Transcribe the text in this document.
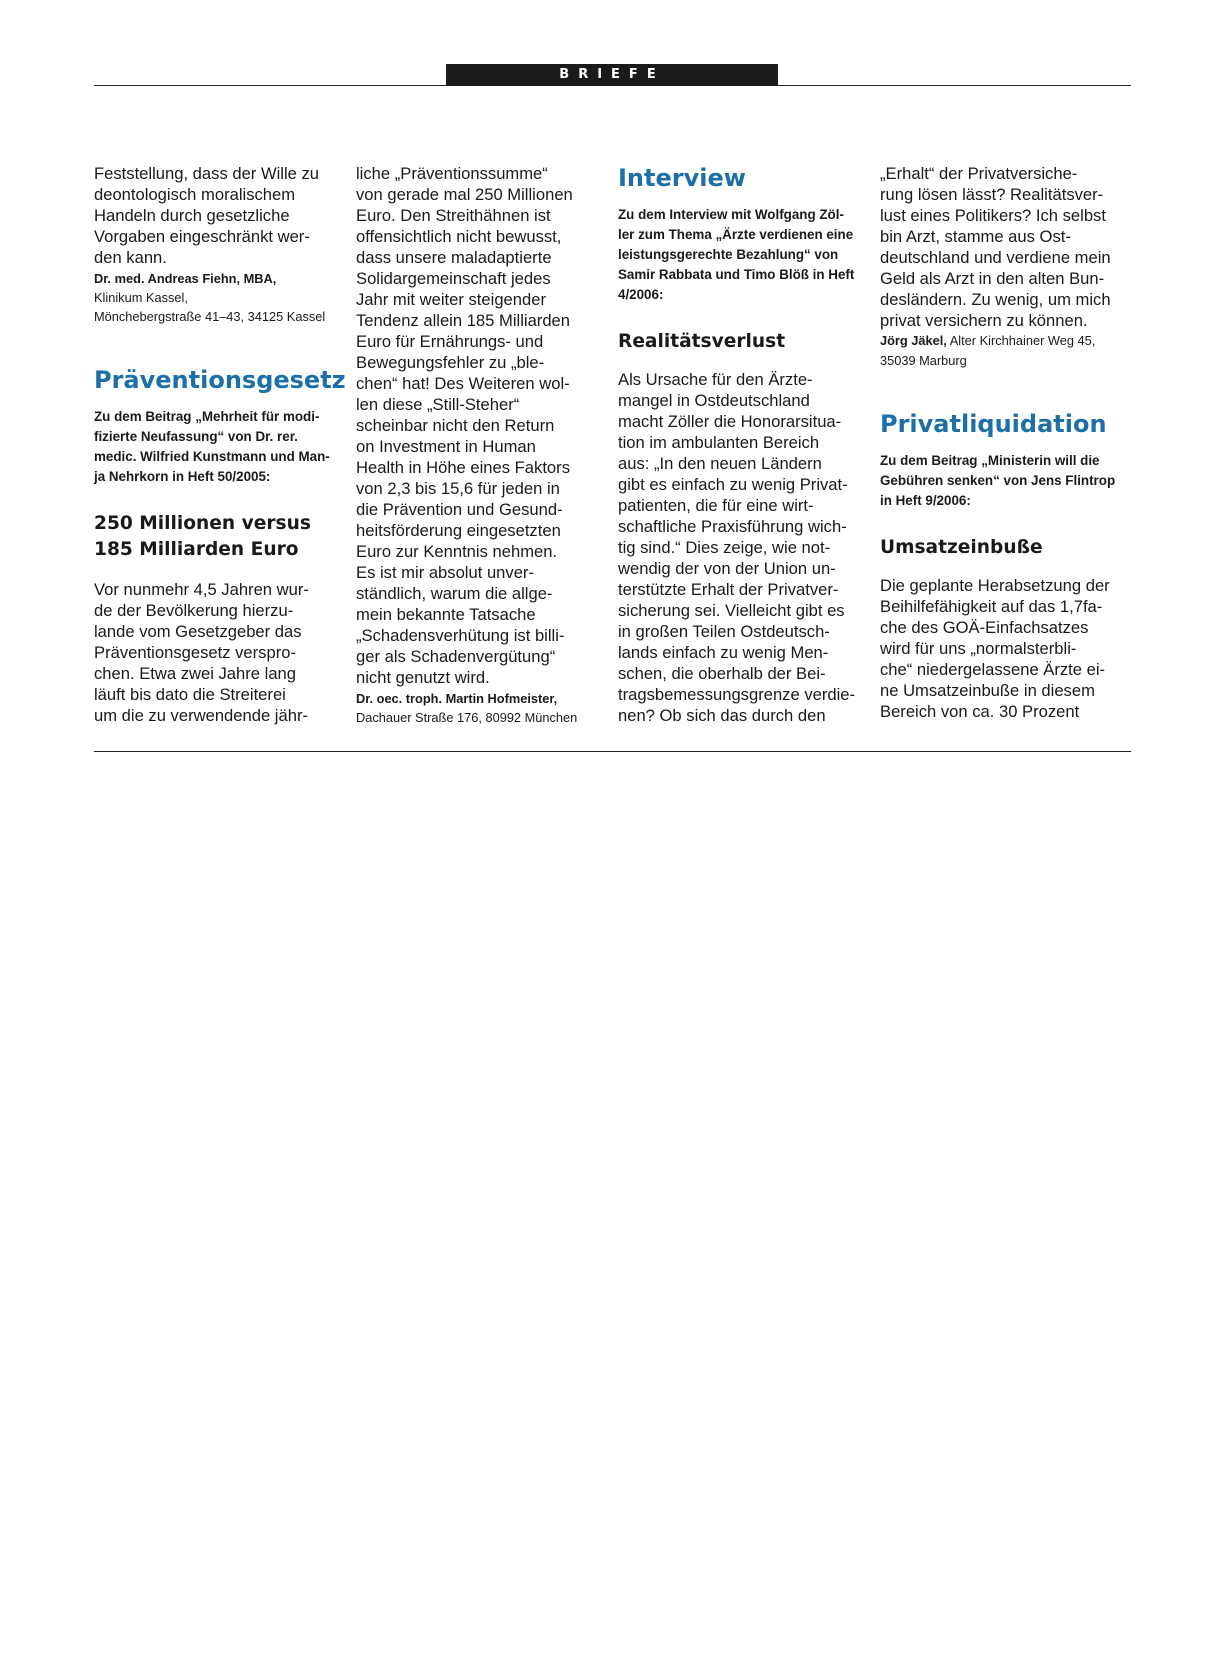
BRIEFE

Feststellung, dass der Wille zu
deontologisch moralischem
Handeln durch gesetzliche
Vorgaben eingeschränkt wer-
den kann.

Dr. med. Andreas Fiehn, MBA,

Klinikum Kassel,
Mönchebergstraße 41–43, 34125 Kassel

Präventionsgesetz

Zu dem Beitrag „Mehrheit für modi-
fizierte Neufassung“ von Dr. rer.
medic. Wilfried Kunstmann und Man-
ja Nehrkorn in Heft 50/2005:

250 Millionen versus
185 Milliarden Euro

Vor nunmehr 4,5 Jahren wur-
de der Bevölkerung hierzu-
lande vom Gesetzgeber das
Präventionsgesetz verspro-
chen. Etwa zwei Jahre lang
läuft bis dato die Streiterei
um die zu verwendende jähr-

liche „Präventionssumme“
von gerade mal 250 Millionen
Euro. Den Streithähnen ist
offensichtlich nicht bewusst,
dass unsere maladaptierte
Solidargemeinschaft jedes
Jahr mit weiter steigender
Tendenz allein 185 Milliarden
Euro für Ernährungs- und
Bewegungsfehler zu „ble-
chen“ hat! Des Weiteren wol-
len diese „Still-Steher“
scheinbar nicht den Return
on Investment in Human
Health in Höhe eines Faktors
von 2,3 bis 15,6 für jeden in
die Prävention und Gesund-
heitsförderung eingesetzten
Euro zur Kenntnis nehmen.
Es ist mir absolut unver-
ständlich, warum die allge-
mein bekannte Tatsache
„Schadensverhütung ist billi-
ger als Schadenvergütung“
nicht genutzt wird.

Dr. oec. troph. Martin Hofmeister,

Dachauer Straße 176, 80992 München

Interview

Zu dem Interview mit Wolfgang Zöl-
ler zum Thema „Ärzte verdienen eine
leistungsgerechte Bezahlung“ von
Samir Rabbata und Timo Blöß in Heft
4/2006:

Realitätsverlust

Als Ursache für den Ärzte-
mangel in Ostdeutschland
macht Zöller die Honorarsitua-
tion im ambulanten Bereich
aus: „In den neuen Ländern
gibt es einfach zu wenig Privat-
patienten, die für eine wirt-
schaftliche Praxisführung wich-
tig sind.“ Dies zeige, wie not-
wendig der von der Union un-
terstützte Erhalt der Privatver-
sicherung sei. Vielleicht gibt es
in großen Teilen Ostdeutsch-
lands einfach zu wenig Men-
schen, die oberhalb der Bei-
tragsbemessungsgrenze verdie-
nen? Ob sich das durch den

„Erhalt“ der Privatversiche-
rung lösen lässt? Realitätsver-
lust eines Politikers? Ich selbst
bin Arzt, stamme aus Ost-
deutschland und verdiene mein
Geld als Arzt in den alten Bun-
desländern. Zu wenig, um mich
privat versichern zu können.

Jörg Jäkel, Alter Kirchhainer Weg 45,

35039 Marburg

Privatliquidation

Zu dem Beitrag „Ministerin will die
Gebühren senken“ von Jens Flintrop
in Heft 9/2006:

Umsatzeinbuße

Die geplante Herabsetzung der
Beihilfefähigkeit auf das 1,7fa-
che des GOÄ-Einfachsatzes
wird für uns „normalsterbli-
che“ niedergelassene Ärzte ei-
ne Umsatzeinbuße in diesem
Bereich von ca. 30 Prozent
